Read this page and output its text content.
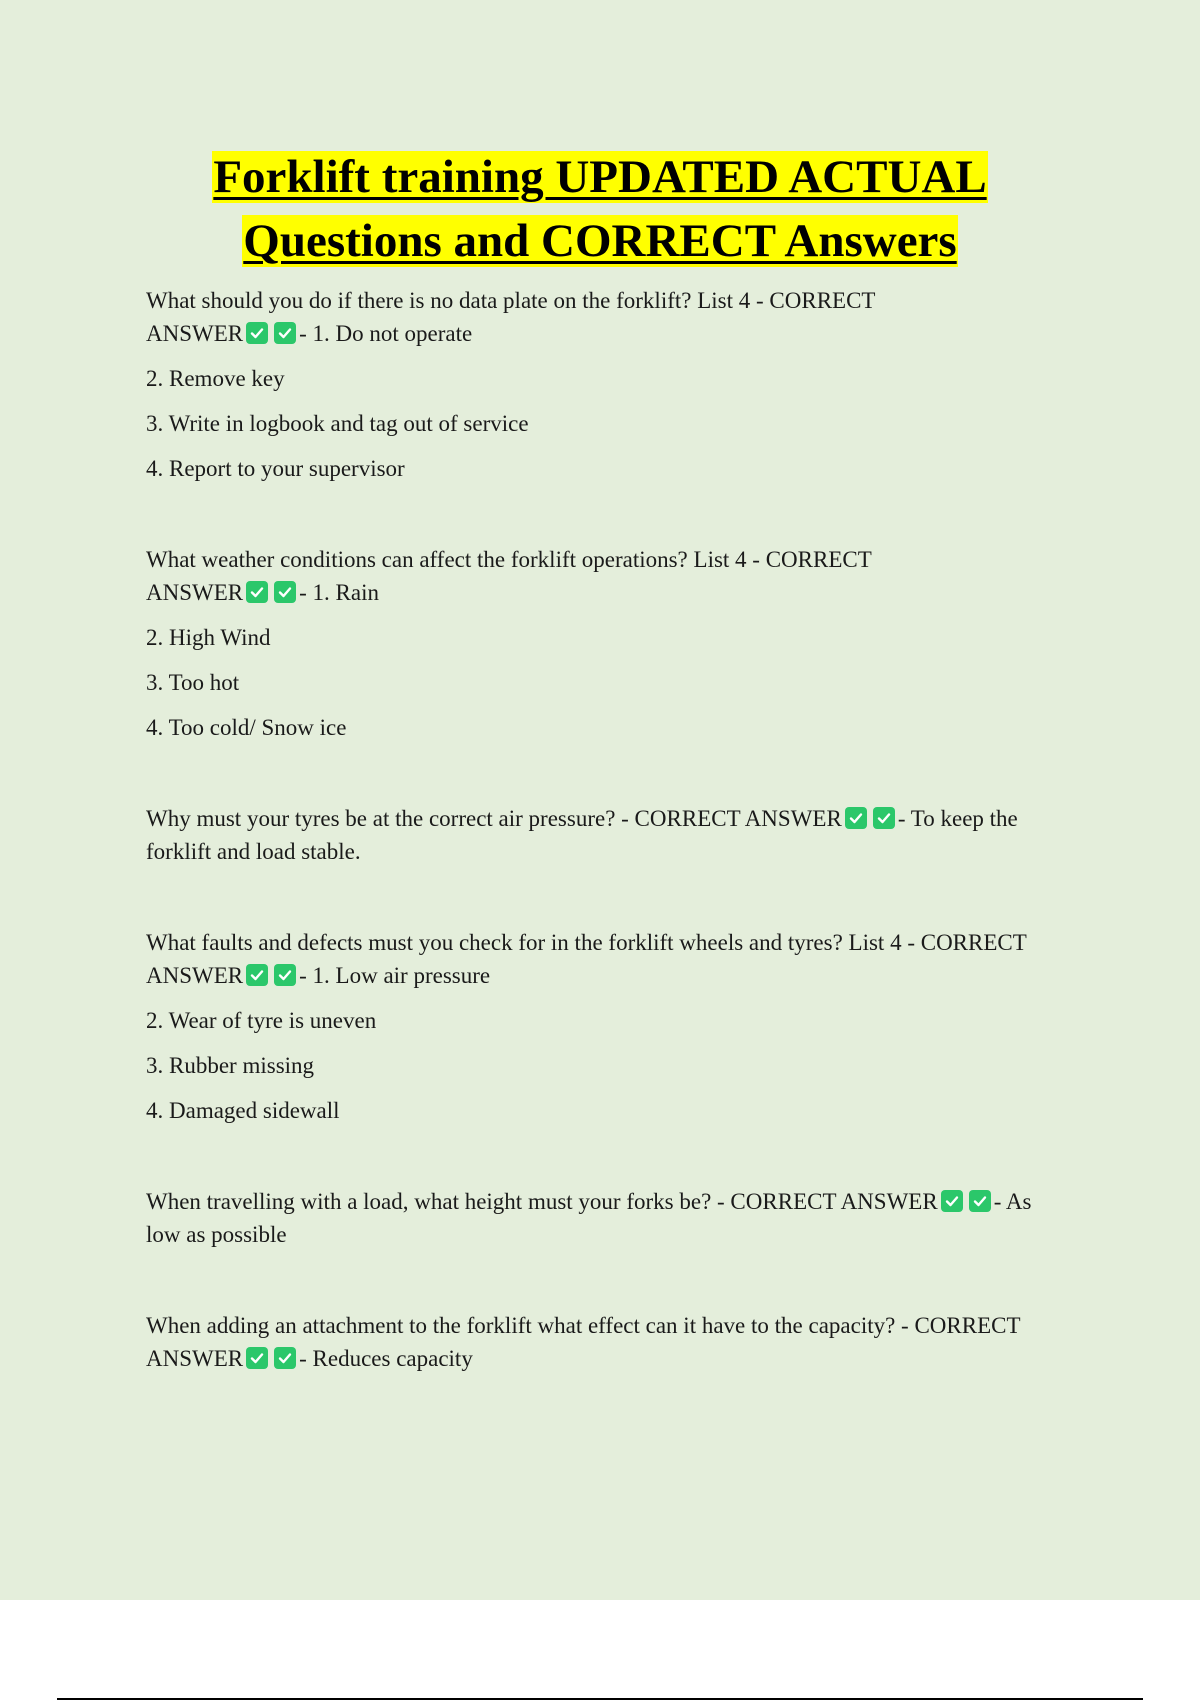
Forklift training UPDATED ACTUAL
Questions and CORRECT Answers

What should you do if there is no data plate on the forklift? List 4 - CORRECT
ANSWER - 1. Do not operate

2. Remove key

3. Write in logbook and tag out of service

4. Report to your supervisor

What weather conditions can affect the forklift operations? List 4 - CORRECT
ANSWER - 1. Rain

2. High Wind

3. Too hot

4. Too cold/ Snow ice

Why must your tyres be at the correct air pressure? - CORRECT ANSWER - To keep the
forklift and load stable.

What faults and defects must you check for in the forklift wheels and tyres? List 4 - CORRECT
ANSWER - 1. Low air pressure

2. Wear of tyre is uneven

3. Rubber missing

4. Damaged sidewall

When travelling with a load, what height must your forks be? - CORRECT ANSWER - As
low as possible

When adding an attachment to the forklift what effect can it have to the capacity? - CORRECT
ANSWER - Reduces capacity
